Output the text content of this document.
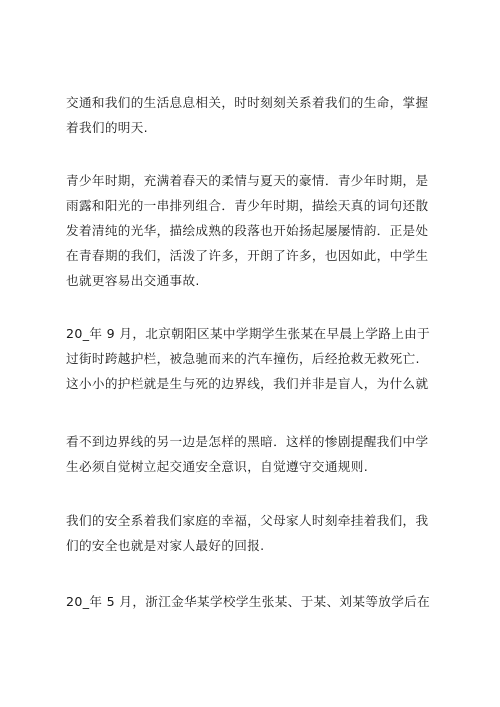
交通和我们的生活息息相关，时时刻刻关系着我们的生命，掌握
着我们的明天.

青少年时期，充满着春天的柔情与夏天的豪情．青少年时期，是
雨露和阳光的一串排列组合．青少年时期，描绘天真的词句还散
发着清纯的光华，描绘成熟的段落也开始扬起屡屡情韵．正是处
在青春期的我们，活泼了许多，开朗了许多，也因如此，中学生
也就更容易出交通事故.

20_年 9 月，北京朝阳区某中学期学生张某在早晨上学路上由于
过街时跨越护栏，被急驰而来的汽车撞伤，后经抢救无救死亡.
这小小的护栏就是生与死的边界线，我们并非是盲人，为什么就

看不到边界线的另一边是怎样的黑暗．这样的惨剧提醒我们中学
生必须自觉树立起交通安全意识，自觉遵守交通规则.

我们的安全系着我们家庭的幸福，父母家人时刻牵挂着我们，我
们的安全也就是对家人最好的回报.

20_年 5 月，浙江金华某学校学生张某、于某、刘某等放学后在
